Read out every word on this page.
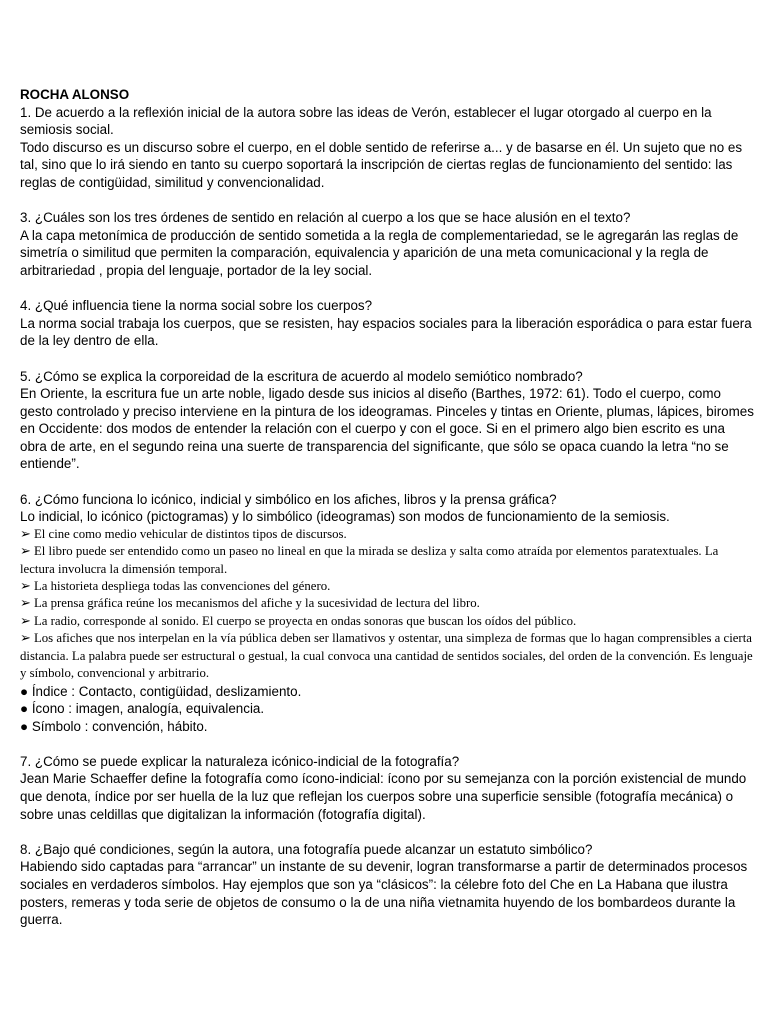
ROCHA ALONSO

1. De acuerdo a la reflexión inicial de la autora sobre las ideas de Verón, establecer el lugar otorgado al cuerpo en la semiosis social.

Todo discurso es un discurso sobre el cuerpo, en el doble sentido de referirse a... y de basarse en él. Un sujeto que no es tal, sino que lo irá siendo en tanto su cuerpo soportará la inscripción de ciertas reglas de funcionamiento del sentido: las reglas de contigüidad, similitud y convencionalidad.

3. ¿Cuáles son los tres órdenes de sentido en relación al cuerpo a los que se hace alusión en el texto?

A la capa metonímica de producción de sentido sometida a la regla de complementariedad, se le agregarán las reglas de simetría o similitud que permiten la comparación, equivalencia y aparición de una meta comunicacional y la regla de arbitrariedad , propia del lenguaje, portador de la ley social.

4. ¿Qué influencia tiene la norma social sobre los cuerpos?

La norma social trabaja los cuerpos, que se resisten, hay espacios sociales para la liberación esporádica o para estar fuera de la ley dentro de ella.

5. ¿Cómo se explica la corporeidad de la escritura de acuerdo al modelo semiótico nombrado?

En Oriente, la escritura fue un arte noble, ligado desde sus inicios al diseño (Barthes, 1972: 61). Todo el cuerpo, como gesto controlado y preciso interviene en la pintura de los ideogramas. Pinceles y tintas en Oriente, plumas, lápices, biromes en Occidente: dos modos de entender la relación con el cuerpo y con el goce. Si en el primero algo bien escrito es una obra de arte, en el segundo reina una suerte de transparencia del significante, que sólo se opaca cuando la letra “no se entiende”.

6. ¿Cómo funciona lo icónico, indicial y simbólico en los afiches, libros y la prensa gráfica?

Lo indicial, lo icónico (pictogramas) y lo simbólico (ideogramas) son modos de funcionamiento de la semiosis.

➢ El cine como medio vehicular de distintos tipos de discursos.

➢ El libro puede ser entendido como un paseo no lineal en que la mirada se desliza y salta como atraída por elementos paratextuales. La lectura involucra la dimensión temporal.

➢ La historieta despliega todas las convenciones del género.

➢ La prensa gráfica reúne los mecanismos del afiche y la sucesividad de lectura del libro.

➢ La radio, corresponde al sonido. El cuerpo se proyecta en ondas sonoras que buscan los oídos del público.

➢ Los afiches que nos interpelan en la vía pública deben ser llamativos y ostentar, una simpleza de formas que lo hagan comprensibles a cierta distancia. La palabra puede ser estructural o gestual, la cual convoca una cantidad de sentidos sociales, del orden de la convención. Es lenguaje y símbolo, convencional y arbitrario.

● Índice : Contacto, contigüidad, deslizamiento.

● Ícono : imagen, analogía, equivalencia.

● Símbolo : convención, hábito.

7. ¿Cómo se puede explicar la naturaleza icónico-indicial de la fotografía?

Jean Marie Schaeffer define la fotografía como ícono-indicial: ícono por su semejanza con la porción existencial de mundo que denota, índice por ser huella de la luz que reflejan los cuerpos sobre una superficie sensible (fotografía mecánica) o sobre unas celdillas que digitalizan la información (fotografía digital).

8. ¿Bajo qué condiciones, según la autora, una fotografía puede alcanzar un estatuto simbólico?

Habiendo sido captadas para “arrancar” un instante de su devenir, logran transformarse a partir de determinados procesos sociales en verdaderos símbolos. Hay ejemplos que son ya “clásicos”: la célebre foto del Che en La Habana que ilustra posters, remeras y toda serie de objetos de consumo o la de una niña vietnamita huyendo de los bombardeos durante la guerra.
